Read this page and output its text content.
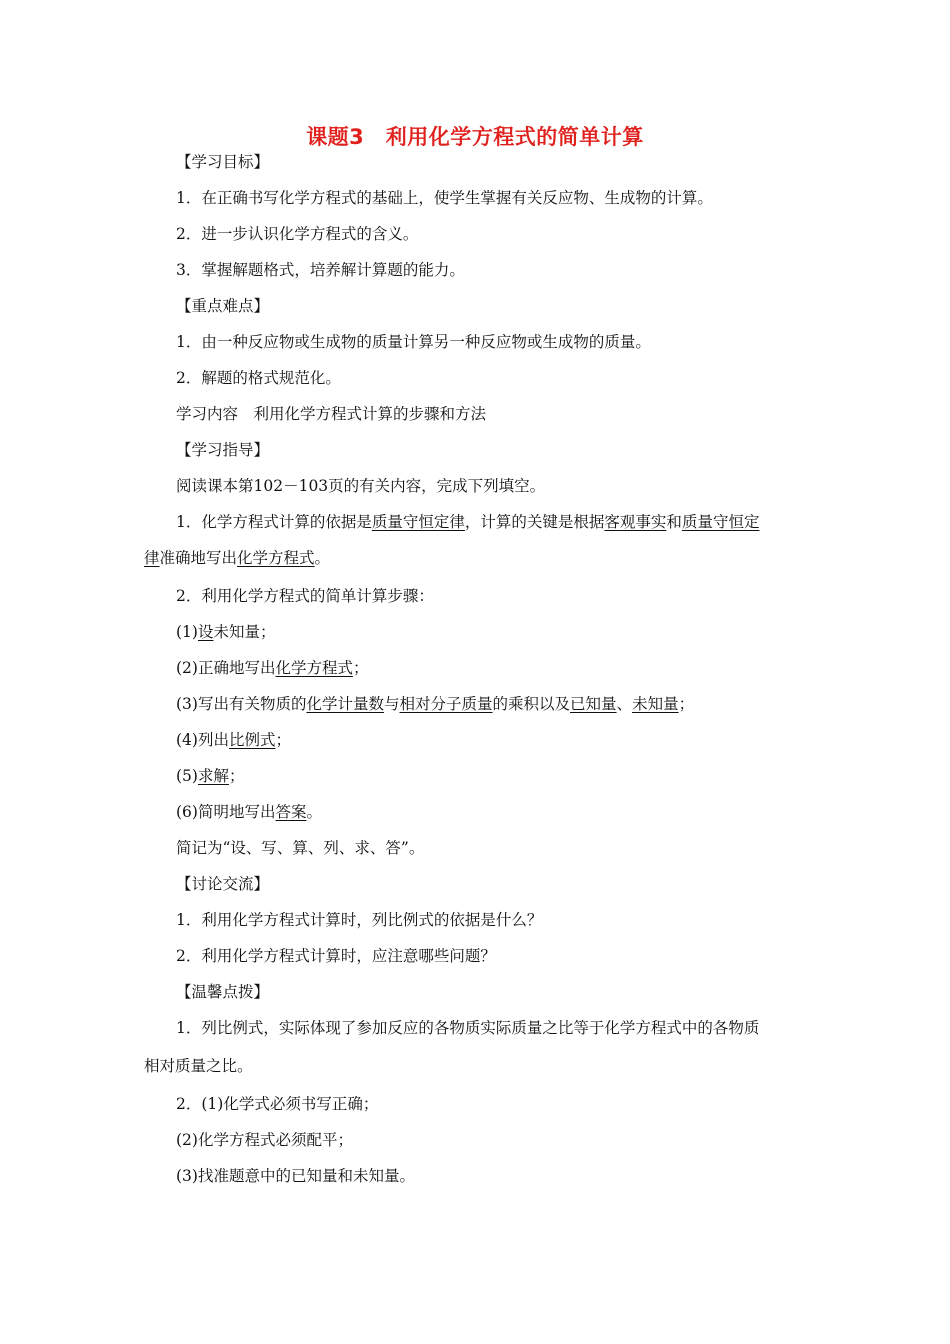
课题3　利用化学方程式的简单计算
【学习目标】
1．在正确书写化学方程式的基础上，使学生掌握有关反应物、生成物的计算。
2．进一步认识化学方程式的含义。
3．掌握解题格式，培养解计算题的能力。
【重点难点】
1．由一种反应物或生成物的质量计算另一种反应物或生成物的质量。
2．解题的格式规范化。
学习内容　利用化学方程式计算的步骤和方法
【学习指导】
阅读课本第102－103页的有关内容，完成下列填空。
1．化学方程式计算的依据是质量守恒定律，计算的关键是根据客观事实和质量守恒定
律准确地写出化学方程式。
2．利用化学方程式的简单计算步骤：
(1)设未知量；
(2)正确地写出化学方程式；
(3)写出有关物质的化学计量数与相对分子质量的乘积以及已知量、未知量；
(4)列出比例式；
(5)求解；
(6)简明地写出答案。
简记为“设、写、算、列、求、答”。
【讨论交流】
1．利用化学方程式计算时，列比例式的依据是什么？
2．利用化学方程式计算时，应注意哪些问题？
【温馨点拨】
1．列比例式，实际体现了参加反应的各物质实际质量之比等于化学方程式中的各物质
相对质量之比。
2．(1)化学式必须书写正确；
(2)化学方程式必须配平；
(3)找准题意中的已知量和未知量。
